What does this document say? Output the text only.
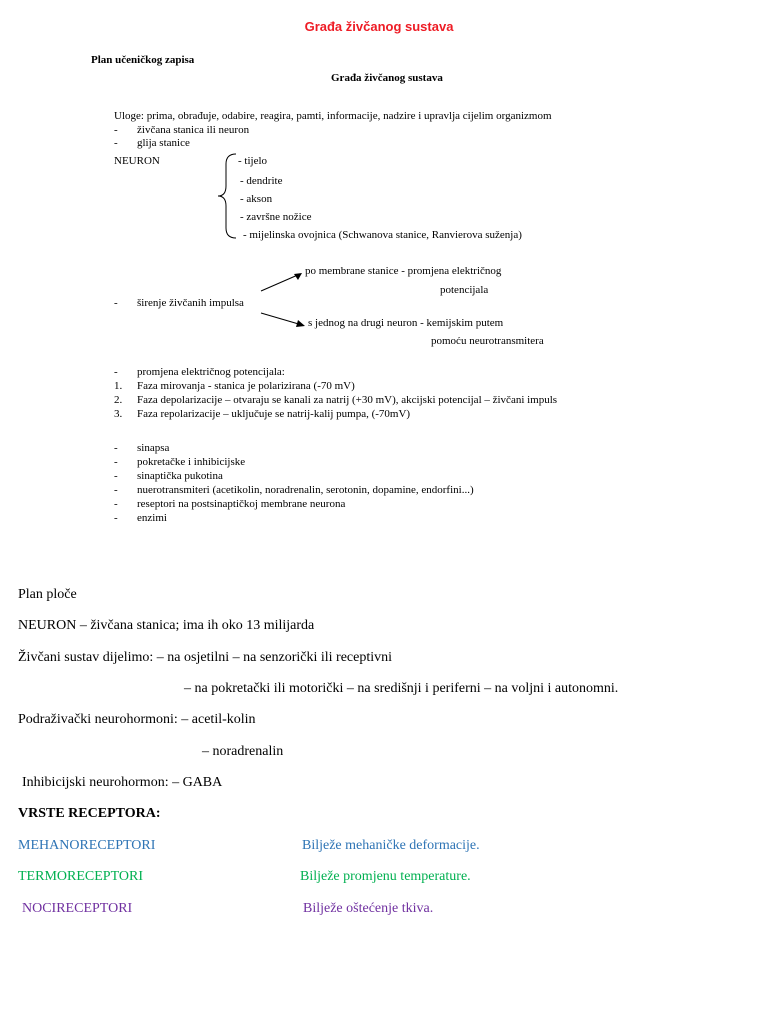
Građa živčanog sustava
Plan učeničkog zapisa
Građa živčanog sustava
Uloge: prima, obrađuje, odabire, reagira, pamti, informacije, nadzire i upravlja cijelim organizmom
- živčana stanica ili neuron
- glija stanice
NEURON	- tijelo
- dendrite
- akson
- završne nožice
- mijelinska ovojnica (Schwanova stanice, Ranvierova suženja)
po membrane stanice - promjena električnog
potencijala
- širenje živčanih impulsa
s jednog na drugi neuron - kemijskim putem
pomoću neurotransmitera
- promjena električnog potencijala:
1. Faza mirovanja - stanica je polarizirana (-70 mV)
2. Faza depolarizacije – otvaraju se kanali za natrij (+30 mV), akcijski potencijal – živčani impuls
3. Faza repolarizacije – uključuje se natrij-kalij pumpa, (-70mV)
- sinapsa
- pokretačke i inhibicijske
- sinaptička pukotina
- nuerotransmiteri (acetikolin, noradrenalin, serotonin, dopamine, endorfini...)
- reseptori na postsinaptičkoj membrane neurona
- enzimi
Plan ploče
NEURON – živčana stanica; ima ih oko 13 milijarda
Živčani sustav dijelimo: – na osjetilni – na senzorički ili receptivni
– na pokretački ili motorički – na središnji i periferni – na voljni i autonomni.
Podraživački neurohormoni: – acetil-kolin
– noradrenalin
Inhibicijski neurohormon: – GABA
VRSTE RECEPTORA:
MEHANORECEPTORI	Bilježe mehaničke deformacije.
TERMORECEPTORI	Bilježe promjenu temperature.
NOCIRECEPTORI	Bilježe oštećenje tkiva.
